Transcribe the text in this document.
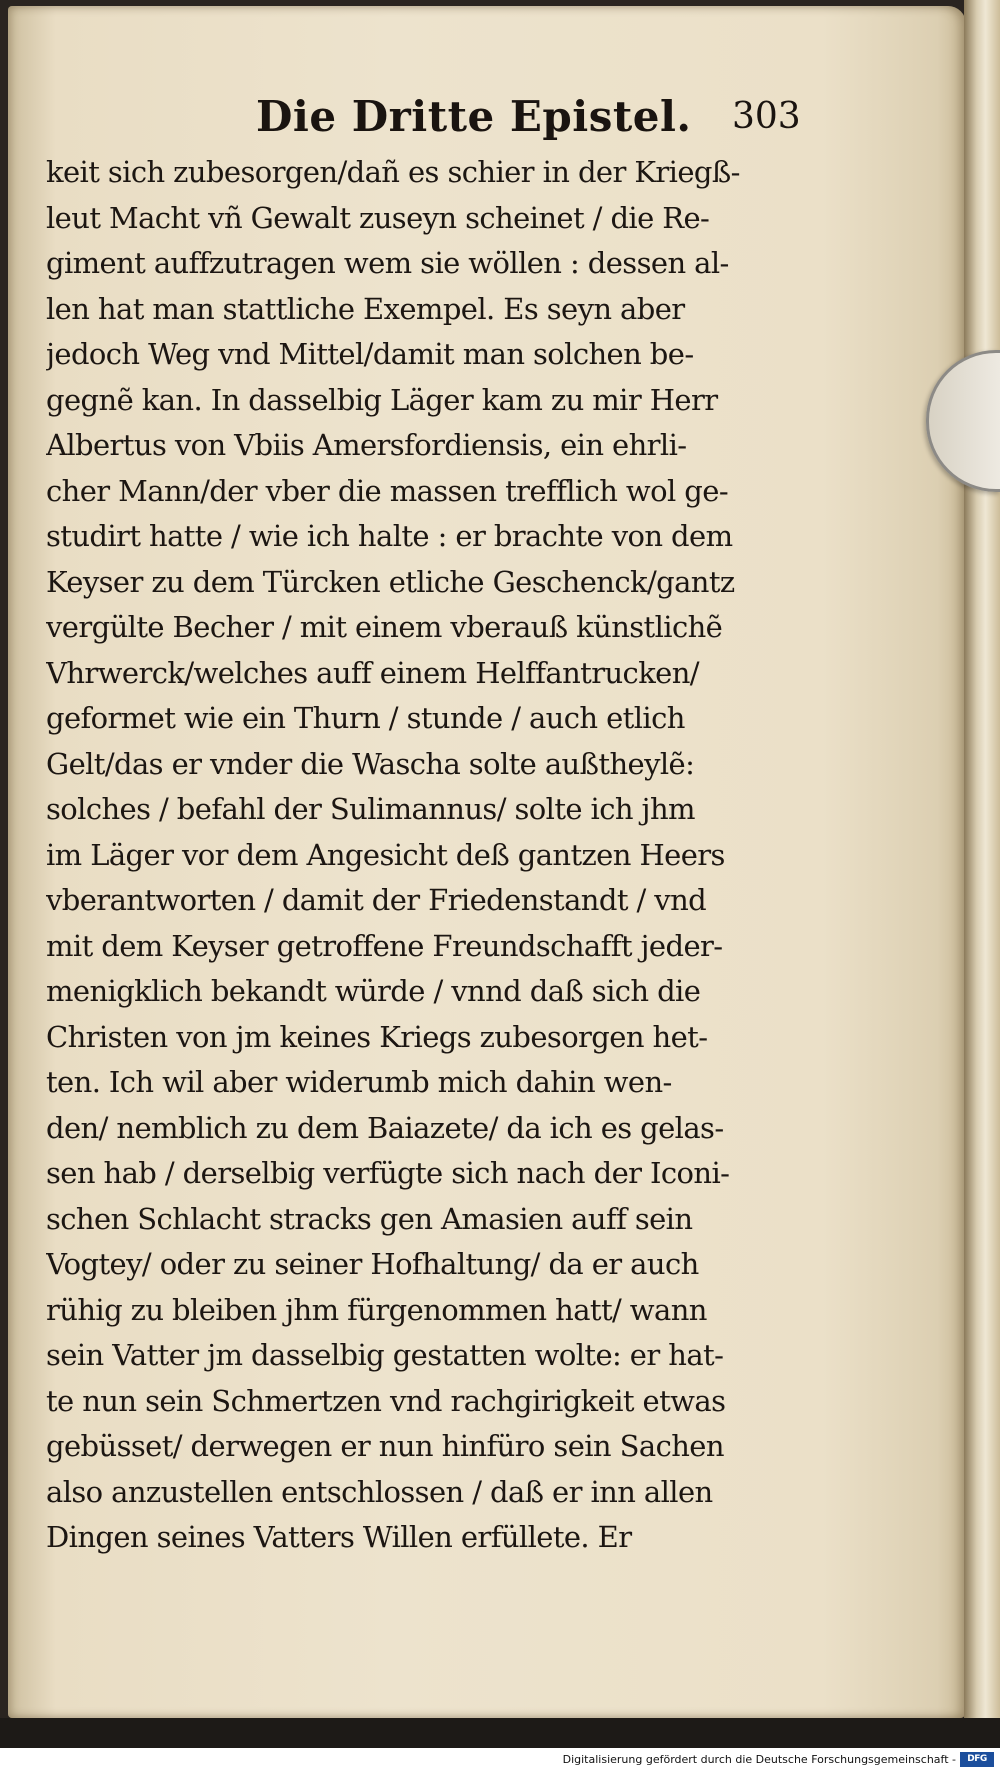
Die Dritte Epistel. 303
keit sich zubesorgen/dañ es schier in der Kriegß-
leut Macht vñ Gewalt zuseyn scheinet / die Re-
giment auffzutragen wem sie wöllen : dessen al-
len hat man stattliche Exempel. Es seyn aber
jedoch Weg vnd Mittel/damit man solchen be-
gegnẽ kan. In dasselbig Läger kam zu mir Herr
Albertus von Vbiis Amersfordiensis, ein ehrli-
cher Mann/der vber die massen trefflich wol ge-
studirt hatte / wie ich halte : er brachte von dem
Keyser zu dem Türcken etliche Geschenck/gantz
vergülte Becher / mit einem vberauß künstlichẽ
Vhrwerck/welches auff einem Helffantrucken/
geformet wie ein Thurn / stunde / auch etlich
Gelt/das er vnder die Wascha solte außtheylẽ:
solches / befahl der Sulimannus/ solte ich jhm
im Läger vor dem Angesicht deß gantzen Heers
vberantworten / damit der Friedenstandt / vnd
mit dem Keyser getroffene Freundschafft jeder-
menigklich bekandt würde / vnnd daß sich die
Christen von jm keines Kriegs zubesorgen het-
ten. Ich wil aber widerumb mich dahin wen-
den/ nemblich zu dem Baiazete/ da ich es gelas-
sen hab / derselbig verfügte sich nach der Iconi-
schen Schlacht stracks gen Amasien auff sein
Vogtey/ oder zu seiner Hofhaltung/ da er auch
rühig zu bleiben jhm fürgenommen hatt/ wann
sein Vatter jm dasselbig gestatten wolte: er hat-
te nun sein Schmertzen vnd rachgirigkeit etwas
gebüsset/ derwegen er nun hinfüro sein Sachen
also anzustellen entschlossen / daß er inn allen
Dingen seines Vatters Willen erfüllete. Er
Digitalisierung gefördert durch die Deutsche Forschungsgemeinschaft -	DFG
